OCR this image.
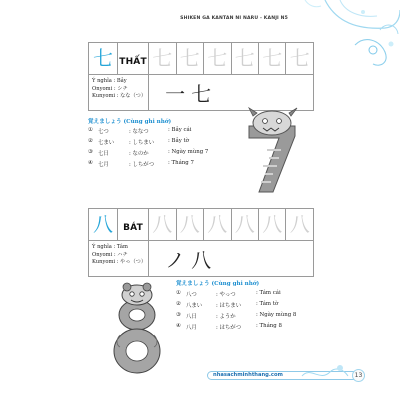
SHIKEN GA KANTAN NI NARU - KANJI N5
七	THẤT	七	七	七	七	七	七

Ý nghĩa : Bảy
Onyomi : シチ
Kunyomi : なな（つ）		一 七					
覚えましょう (Cùng ghi nhớ)
① 七つ	: ななつ	: Bảy cái
② 七まい	: しちまい	: Bảy tờ
③ 七日	: なのか	: Ngày mùng 7
④ 七月	: しちがつ	: Tháng 7
八	BÁT	八	八	八	八	八	八

Ý nghĩa : Tám
Onyomi : ハチ
Kunyomi : やっ（つ）		ノ 八					
覚えましょう (Cùng ghi nhớ)
① 八つ	: やっつ	: Tám cái
② 八まい	: はちまい	: Tám tờ
③ 八日	: ようか	: Ngày mùng 8
④ 八月	: はちがつ	: Tháng 8
nhasachminhthang.com	13
